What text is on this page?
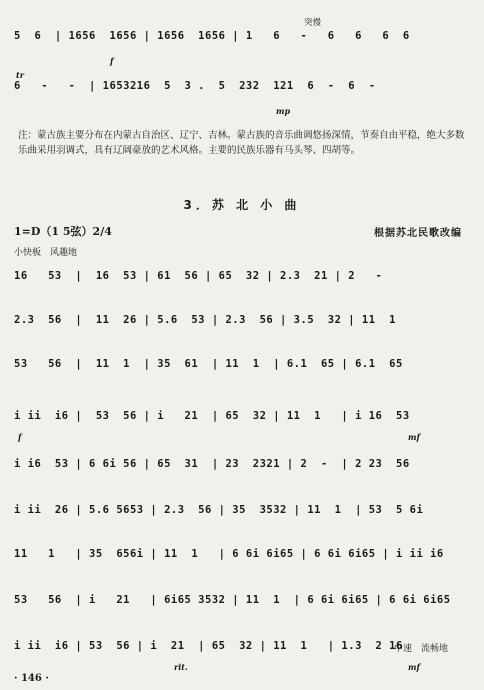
5  6  | 1656  1656 | 1656  1656 | 1   6   -   6   6   6  6
f
突慢
6   -   -  | 1653216  5  3 .  5  232  121  6  -  6  -
mp
tr
注：蒙古族主要分布在内蒙古自治区、辽宁、吉林。蒙古族的音乐曲调悠扬深情，节奏自由平稳，绝大多数乐曲采用羽调式，具有辽阔豪放的艺术风格。主要的民族乐器有马头琴、四胡等。
3．苏 北 小 曲
1=D（1 5弦）2/4	根据苏北民歌改编
小快板　风趣地
16   53  |  16  53 | 61  56 | 65  32 | 2.3  21 | 2   -
2.3  56  |  11  26 | 5.6  53 | 2.3  56 | 3.5  32 | 11  1
53   56  |  11  1  | 35  61  | 11  1  | 6.1  65 | 6.1  65
i ii  i6 |  53  56 | i   21  | 65  32 | 11  1   | i 16  53
f	mf
i i6  53 | 6 6i 56 | 65  31  | 23  2321 | 2  -  | 2 23  56
i ii  26 | 5.6 5653 | 2.3  56 | 35  3532 | 11  1  | 53  5 6i
11   1   | 35  656i | 11  1   | 6 6i 6i65 | 6 6i 6i65 | i ii i6
53   56  | i   21   | 6i65 3532 | 11  1  | 6 6i 6i65 | 6 6i 6i65
中速　流畅地
i ii  i6 | 53  56 | i  21  | 65  32 | 11  1   | 1.3  2 16
rit.	mf
· 146 ·
